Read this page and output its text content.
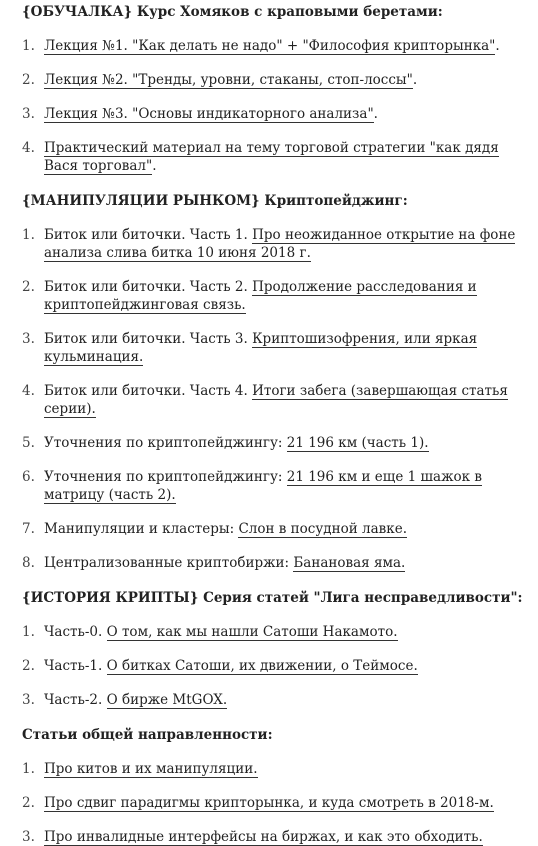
{ОБУЧАЛКА} Курс Хомяков с краповыми беретами:
1. Лекция №1. "Как делать не надо" + "Философия крипторынка".
2. Лекция №2. "Тренды, уровни, стаканы, стоп-лоссы".
3. Лекция №3. "Основы индикаторного анализа".
4. Практический материал на тему торговой стратегии "как дядя Вася торговал".
{МАНИПУЛЯЦИИ РЫНКОМ} Криптопейджинг:
1. Биток или биточки. Часть 1. Про неожиданное открытие на фоне анализа слива битка 10 июня 2018 г.
2. Биток или биточки. Часть 2. Продолжение расследования и криптопейджинговая связь.
3. Биток или биточки. Часть 3. Криптошизофрения, или яркая кульминация.
4. Биток или биточки. Часть 4. Итоги забега (завершающая статья серии).
5. Уточнения по криптопейджингу: 21 196 км (часть 1).
6. Уточнения по криптопейджингу: 21 196 км и еще 1 шажок в матрицу (часть 2).
7. Манипуляции и кластеры: Слон в посудной лавке.
8. Централизованные криптобиржи: Банановая яма.
{ИСТОРИЯ КРИПТЫ} Серия статей "Лига несправедливости":
1. Часть-0. О том, как мы нашли Сатоши Накамото.
2. Часть-1. О битках Сатоши, их движении, о Теймосе.
3. Часть-2. О бирже MtGOX.
Статьи общей направленности:
1. Про китов и их манипуляции.
2. Про сдвиг парадигмы крипторынка, и куда смотреть в 2018-м.
3. Про инвалидные интерфейсы на биржах, и как это обходить.
